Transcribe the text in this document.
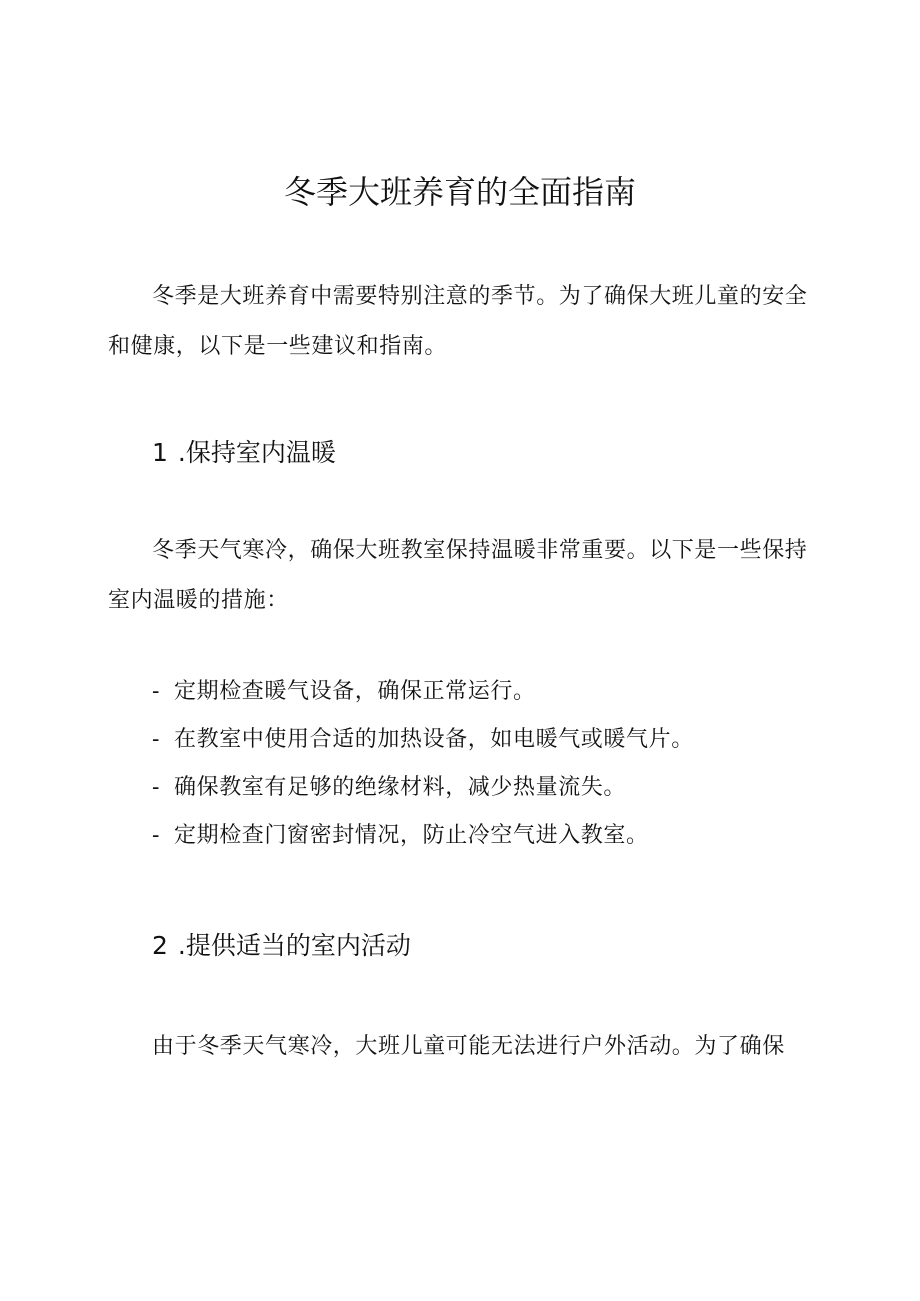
冬季大班养育的全面指南

冬季是大班养育中需要特别注意的季节。为了确保大班儿童的安全和健康，以下是一些建议和指南。

1 .保持室内温暖

冬季天气寒冷，确保大班教室保持温暖非常重要。以下是一些保持室内温暖的措施：

- 定期检查暖气设备，确保正常运行。
- 在教室中使用合适的加热设备，如电暖气或暖气片。
- 确保教室有足够的绝缘材料，减少热量流失。
- 定期检查门窗密封情况，防止冷空气进入教室。
2 .提供适当的室内活动

由于冬季天气寒冷，大班儿童可能无法进行户外活动。为了确保
